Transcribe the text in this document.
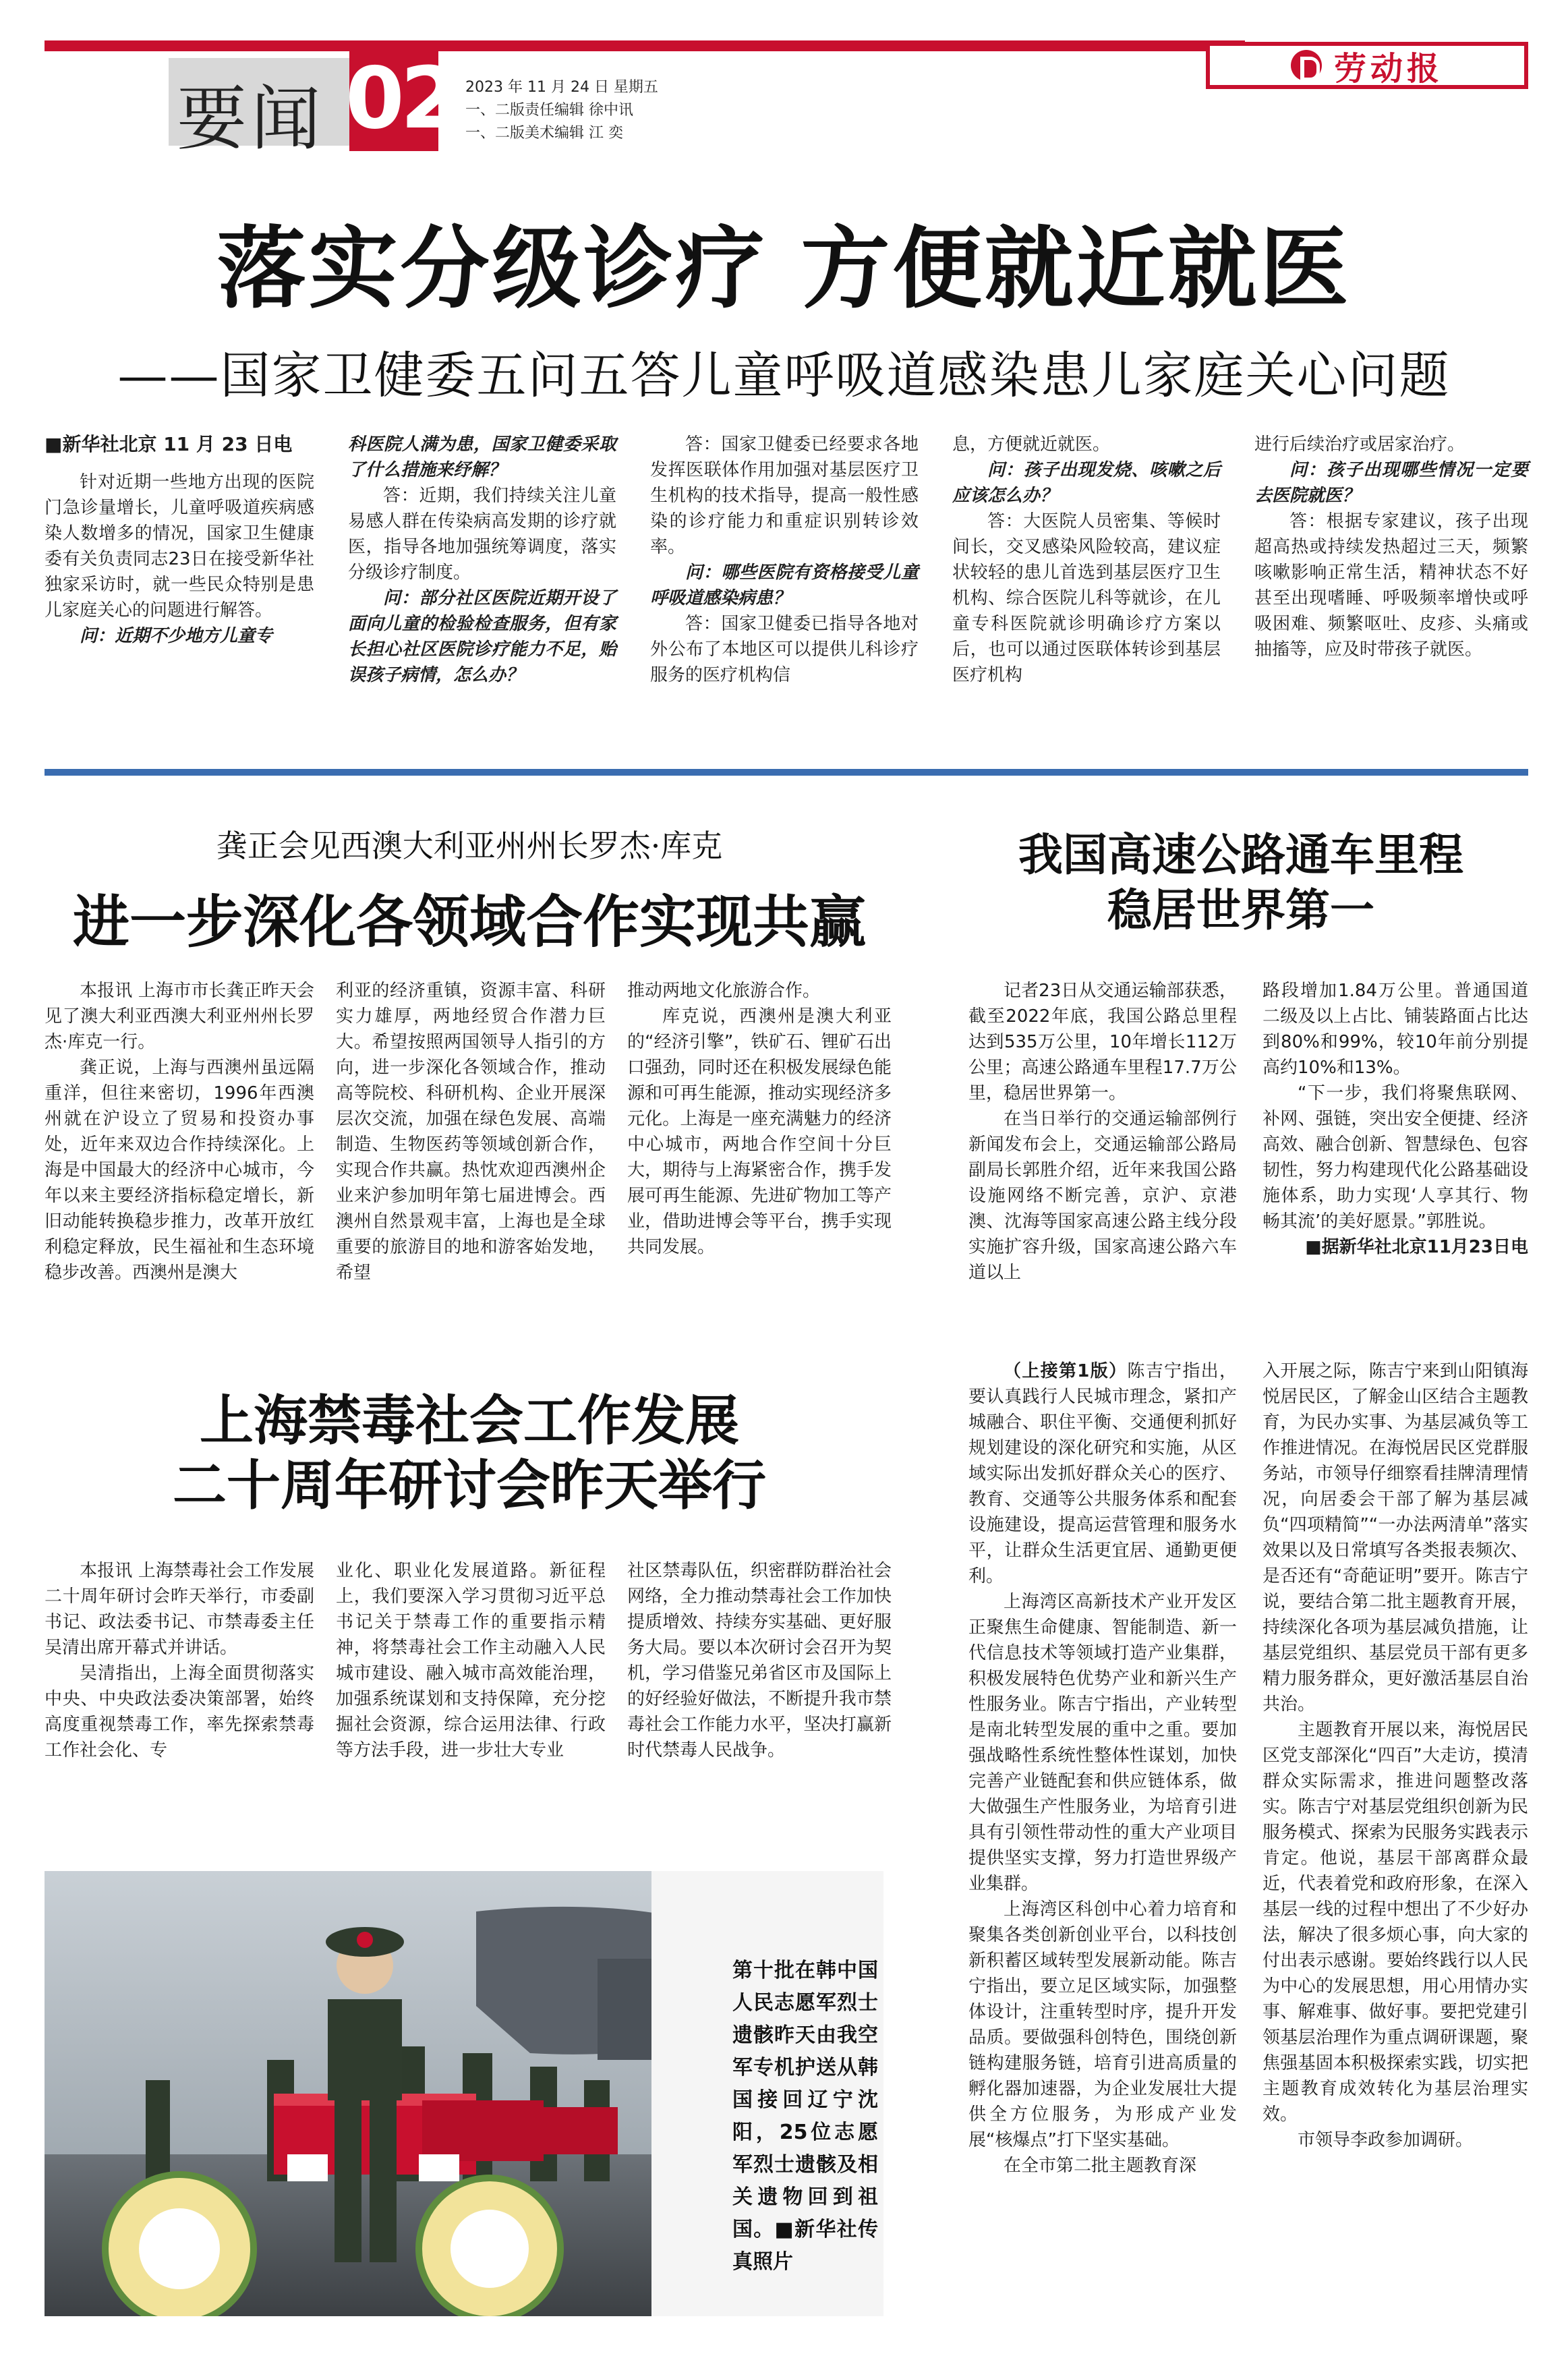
要闻 02 2023 年 11 月 24 日 星期五
一、二版责任编辑 徐中讯
一、二版美术编辑 江 奕
劳动报
落实分级诊疗 方便就近就医
——国家卫健委五问五答儿童呼吸道感染患儿家庭关心问题
■新华社北京 11 月 23 日电

针对近期一些地方出现的医院门急诊量增长，儿童呼吸道疾病感染人数增多的情况，国家卫生健康委有关负责同志23日在接受新华社独家采访时，就一些民众特别是患儿家庭关心的问题进行解答。

问：近期不少地方儿童专

科医院人满为患，国家卫健委采取了什么措施来纾解？

答：近期，我们持续关注儿童易感人群在传染病高发期的诊疗就医，指导各地加强统筹调度，落实分级诊疗制度。

问：部分社区医院近期开设了面向儿童的检验检查服务，但有家长担心社区医院诊疗能力不足，贻误孩子病情，怎么办？

答：国家卫健委已经要求各地发挥医联体作用加强对基层医疗卫生机构的技术指导，提高一般性感染的诊疗能力和重症识别转诊效率。

问：哪些医院有资格接受儿童呼吸道感染病患？

答：国家卫健委已指导各地对外公布了本地区可以提供儿科诊疗服务的医疗机构信

息，方便就近就医。

问：孩子出现发烧、咳嗽之后应该怎么办？

答：大医院人员密集、等候时间长，交叉感染风险较高，建议症状较轻的患儿首选到基层医疗卫生机构、综合医院儿科等就诊，在儿童专科医院就诊明确诊疗方案以后，也可以通过医联体转诊到基层医疗机构

进行后续治疗或居家治疗。

问：孩子出现哪些情况一定要去医院就医？

答：根据专家建议，孩子出现超高热或持续发热超过三天，频繁咳嗽影响正常生活，精神状态不好甚至出现嗜睡、呼吸频率增快或呼吸困难、频繁呕吐、皮疹、头痛或抽搐等，应及时带孩子就医。

龚正会见西澳大利亚州州长罗杰·库克
进一步深化各领域合作实现共赢

本报讯 上海市市长龚正昨天会见了澳大利亚西澳大利亚州州长罗杰·库克一行。

龚正说，上海与西澳州虽远隔重洋，但往来密切，1996年西澳州就在沪设立了贸易和投资办事处，近年来双边合作持续深化。上海是中国最大的经济中心城市，今年以来主要经济指标稳定增长，新旧动能转换稳步推力，改革开放红利稳定释放，民生福祉和生态环境稳步改善。西澳州是澳大

利亚的经济重镇，资源丰富、科研实力雄厚，两地经贸合作潜力巨大。希望按照两国领导人指引的方向，进一步深化各领域合作，推动高等院校、科研机构、企业开展深层次交流，加强在绿色发展、高端制造、生物医药等领域创新合作，实现合作共赢。热忱欢迎西澳州企业来沪参加明年第七届进博会。西澳州自然景观丰富，上海也是全球重要的旅游目的地和游客始发地，希望

推动两地文化旅游合作。

库克说，西澳州是澳大利亚的“经济引擎”，铁矿石、锂矿石出口强劲，同时还在积极发展绿色能源和可再生能源，推动实现经济多元化。上海是一座充满魅力的经济中心城市，两地合作空间十分巨大，期待与上海紧密合作，携手发展可再生能源、先进矿物加工等产业，借助进博会等平台，携手实现共同发展。

我国高速公路通车里程
稳居世界第一

记者23日从交通运输部获悉，截至2022年底，我国公路总里程达到535万公里，10年增长112万公里；高速公路通车里程17.7万公里，稳居世界第一。

在当日举行的交通运输部例行新闻发布会上，交通运输部公路局副局长郭胜介绍，近年来我国公路设施网络不断完善，京沪、京港澳、沈海等国家高速公路主线分段实施扩容升级，国家高速公路六车道以上

路段增加1.84万公里。普通国道二级及以上占比、铺装路面占比达到80%和99%，较10年前分别提高约10%和13%。

“下一步，我们将聚焦联网、补网、强链，突出安全便捷、经济高效、融合创新、智慧绿色、包容韧性，努力构建现代化公路基础设施体系，助力实现‘人享其行、物畅其流’的美好愿景。”郭胜说。

■据新华社北京11月23日电

上海禁毒社会工作发展
二十周年研讨会昨天举行

本报讯 上海禁毒社会工作发展二十周年研讨会昨天举行，市委副书记、政法委书记、市禁毒委主任吴清出席开幕式并讲话。

吴清指出，上海全面贯彻落实中央、中央政法委决策部署，始终高度重视禁毒工作，率先探索禁毒工作社会化、专

业化、职业化发展道路。新征程上，我们要深入学习贯彻习近平总书记关于禁毒工作的重要指示精神，将禁毒社会工作主动融入人民城市建设、融入城市高效能治理，加强系统谋划和支持保障，充分挖掘社会资源，综合运用法律、行政等方法手段，进一步壮大专业

社区禁毒队伍，织密群防群治社会网络，全力推动禁毒社会工作加快提质增效、持续夯实基础、更好服务大局。要以本次研讨会召开为契机，学习借鉴兄弟省区市及国际上的好经验好做法，不断提升我市禁毒社会工作能力水平，坚决打赢新时代禁毒人民战争。

（上接第1版）陈吉宁指出，要认真践行人民城市理念，紧扣产城融合、职住平衡、交通便利抓好规划建设的深化研究和实施，从区域实际出发抓好群众关心的医疗、教育、交通等公共服务体系和配套设施建设，提高运营管理和服务水平，让群众生活更宜居、通勤更便利。

上海湾区高新技术产业开发区正聚焦生命健康、智能制造、新一代信息技术等领域打造产业集群，积极发展特色优势产业和新兴生产性服务业。陈吉宁指出，产业转型是南北转型发展的重中之重。要加强战略性系统性整体性谋划，加快完善产业链配套和供应链体系，做大做强生产性服务业，为培育引进具有引领性带动性的重大产业项目提供坚实支撑，努力打造世界级产业集群。

上海湾区科创中心着力培育和聚集各类创新创业平台，以科技创新积蓄区域转型发展新动能。陈吉宁指出，要立足区域实际，加强整体设计，注重转型时序，提升开发品质。要做强科创特色，围绕创新链构建服务链，培育引进高质量的孵化器加速器，为企业发展壮大提供全方位服务，为形成产业发展“核爆点”打下坚实基础。

在全市第二批主题教育深

入开展之际，陈吉宁来到山阳镇海悦居民区，了解金山区结合主题教育，为民办实事、为基层减负等工作推进情况。在海悦居民区党群服务站，市领导仔细察看挂牌清理情况，向居委会干部了解为基层减负“四项精简”“一办法两清单”落实效果以及日常填写各类报表频次、是否还有“奇葩证明”要开。陈吉宁说，要结合第二批主题教育开展，持续深化各项为基层减负措施，让基层党组织、基层党员干部有更多精力服务群众，更好激活基层自治共治。

主题教育开展以来，海悦居民区党支部深化“四百”大走访，摸清群众实际需求，推进问题整改落实。陈吉宁对基层党组织创新为民服务模式、探索为民服务实践表示肯定。他说，基层干部离群众最近，代表着党和政府形象，在深入基层一线的过程中想出了不少好办法，解决了很多烦心事，向大家的付出表示感谢。要始终践行以人民为中心的发展思想，用心用情办实事、解难事、做好事。要把党建引领基层治理作为重点调研课题，聚焦强基固本积极探索实践，切实把主题教育成效转化为基层治理实效。

市领导李政参加调研。

第十批在韩中国人民志愿军烈士遗骸昨天由我空军专机护送从韩国接回辽宁沈阳，25位志愿军烈士遗骸及相关遗物回到祖国。■新华社传真照片
